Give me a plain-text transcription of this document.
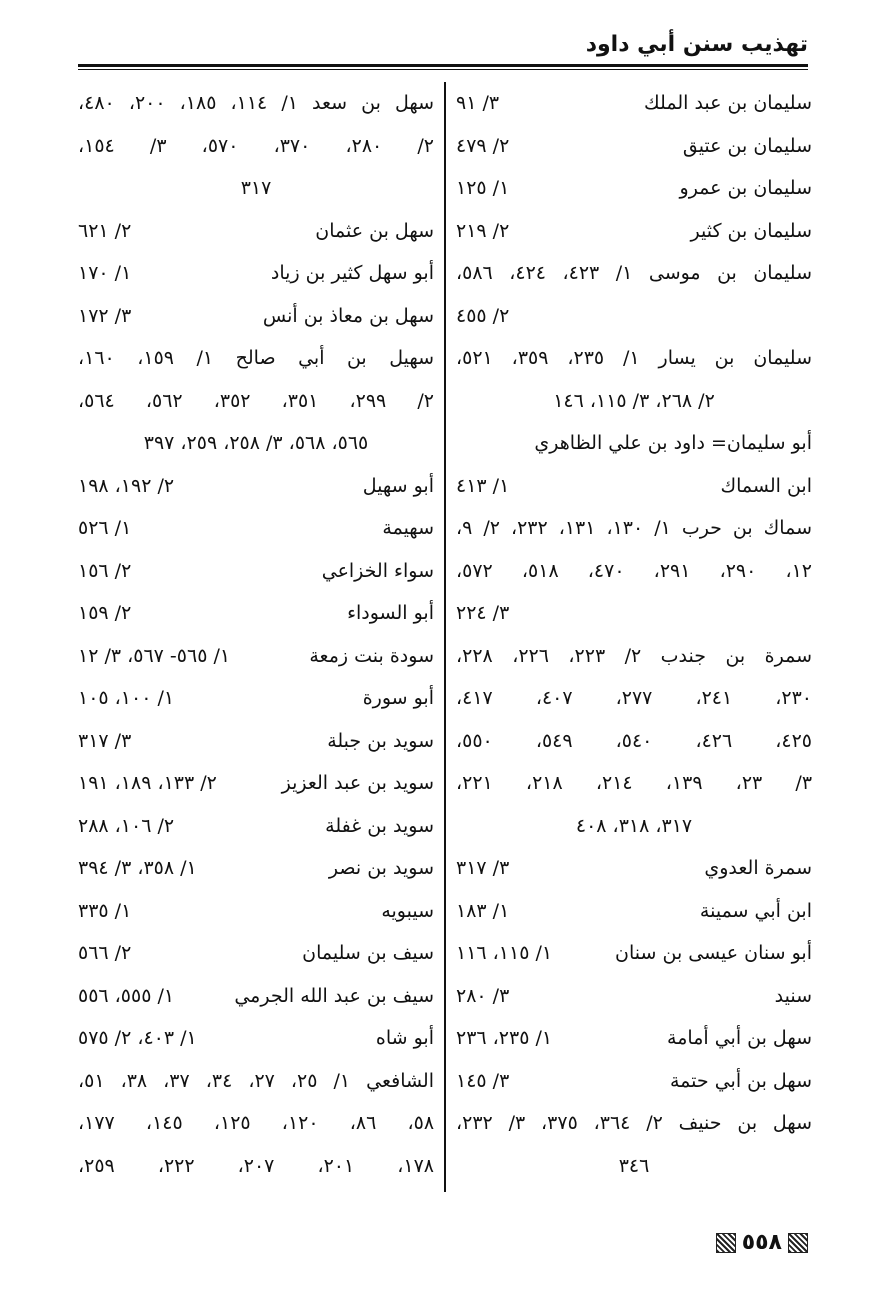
تهذيب سنن أبي داود
سليمان بن عبد الملك
٣/ ٩١
سليمان بن عتيق
٢/ ٤٧٩
سليمان بن عمرو
١/ ١٢٥
سليمان بن كثير
٢/ ٢١٩
سليمان بن موسى ١/ ٤٢٣، ٤٢٤، ٥٨٦،
٢/ ٤٥٥
سليمان بن يسار ١/ ٢٣٥، ٣٥٩، ٥٢١،
٢/ ٢٦٨، ٣/ ١١٥، ١٤٦
أبو سليمان= داود بن علي الظاهري
ابن السماك
١/ ٤١٣
سماك بن حرب ١/ ١٣٠، ١٣١، ٢٣٢، ٢/ ٩،
١٢، ٢٩٠، ٢٩١، ٤٧٠، ٥١٨، ٥٧٢،
٣/ ٢٢٤
سمرة بن جندب ٢/ ٢٢٣، ٢٢٦، ٢٢٨،
٢٣٠، ٢٤١، ٢٧٧، ٤٠٧، ٤١٧،
٤٢٥، ٤٢٦، ٥٤٠، ٥٤٩، ٥٥٠،
٣/ ٢٣، ١٣٩، ٢١٤، ٢١٨، ٢٢١،
٣١٧، ٣١٨، ٤٠٨
سمرة العدوي
٣/ ٣١٧
ابن أبي سمينة
١/ ١٨٣
أبو سنان عيسى بن سنان
١/ ١١٥، ١١٦
سنيد
٣/ ٢٨٠
سهل بن أبي أمامة
١/ ٢٣٥، ٢٣٦
سهل بن أبي حتمة
٣/ ١٤٥
سهل بن حنيف ٢/ ٣٦٤، ٣٧٥، ٣/ ٢٣٢،
٣٤٦
سهل بن سعد ١/ ١١٤، ١٨٥، ٢٠٠، ٤٨٠،
٢/ ٢٨٠، ٣٧٠، ٥٧٠، ٣/ ١٥٤،
٣١٧
سهل بن عثمان
٢/ ٦٢١
أبو سهل كثير بن زياد
١/ ١٧٠
سهل بن معاذ بن أنس
٣/ ١٧٢
سهيل بن أبي صالح ١/ ١٥٩، ١٦٠،
٢/ ٢٩٩، ٣٥١، ٣٥٢، ٥٦٢، ٥٦٤،
٥٦٥، ٥٦٨، ٣/ ٢٥٨، ٢٥٩، ٣٩٧
أبو سهيل
٢/ ١٩٢، ١٩٨
سهيمة
١/ ٥٢٦
سواء الخزاعي
٢/ ١٥٦
أبو السوداء
٢/ ١٥٩
سودة بنت زمعة
١/ ٥٦٥- ٥٦٧، ٣/ ١٢
أبو سورة
١/ ١٠٠، ١٠٥
سويد بن جبلة
٣/ ٣١٧
سويد بن عبد العزيز
٢/ ١٣٣، ١٨٩، ١٩١
سويد بن غفلة
٢/ ١٠٦، ٢٨٨
سويد بن نصر
١/ ٣٥٨، ٣/ ٣٩٤
سيبويه
١/ ٣٣٥
سيف بن سليمان
٢/ ٥٦٦
سيف بن عبد الله الجرمي
١/ ٥٥٥، ٥٥٦
أبو شاه
١/ ٤٠٣، ٢/ ٥٧٥
الشافعي ١/ ٢٥، ٢٧، ٣٤، ٣٧، ٣٨، ٥١،
٥٨، ٨٦، ١٢٠، ١٢٥، ١٤٥، ١٧٧،
١٧٨، ٢٠١، ٢٠٧، ٢٢٢، ٢٥٩،
٥٥٨
